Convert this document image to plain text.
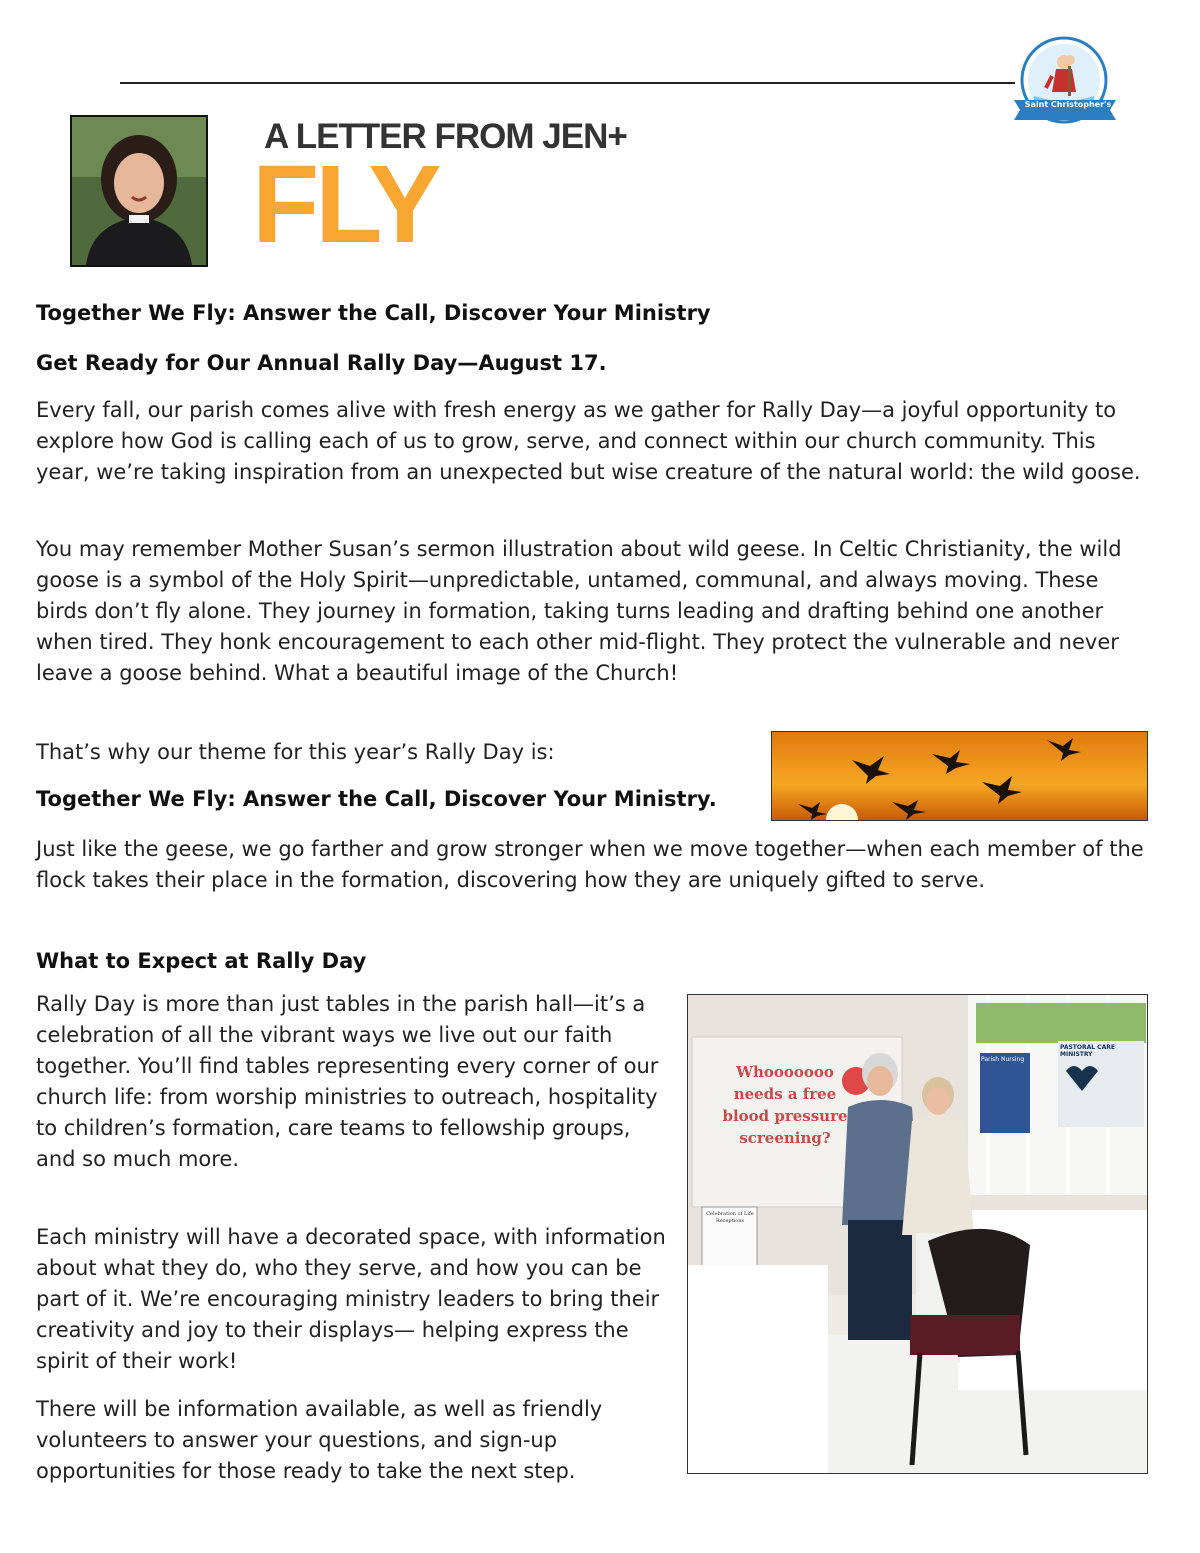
Saint Christopher's
A LETTER FROM JEN+
FLY
Together We Fly: Answer the Call, Discover Your Ministry
Get Ready for Our Annual Rally Day—August 17.

Every fall, our parish comes alive with fresh energy as we gather for Rally Day—a joyful opportunity to explore how God is calling each of us to grow, serve, and connect within our church community. This year, we’re taking inspiration from an unexpected but wise creature of the natural world: the wild goose.

You may remember Mother Susan’s sermon illustration about wild geese. In Celtic Christianity, the wild goose is a symbol of the Holy Spirit—unpredictable, untamed, communal, and always moving. These birds don’t fly alone. They journey in formation, taking turns leading and drafting behind one another when tired. They honk encouragement to each other mid-flight. They protect the vulnerable and never leave a goose behind. What a beautiful image of the Church!

That’s why our theme for this year’s Rally Day is:

Together We Fly: Answer the Call, Discover Your Ministry.

Just like the geese, we go farther and grow stronger when we move together—when each member of the flock takes their place in the formation, discovering how they are uniquely gifted to serve.

What to Expect at Rally Day

Rally Day is more than just tables in the parish hall—it’s a celebration of all the vibrant ways we live out our faith together. You’ll find tables representing every corner of our church life: from worship ministries to outreach, hospitality to children’s formation, care teams to fellowship groups, and so much more.

Each ministry will have a decorated space, with information about what they do, who they serve, and how you can be part of it. We’re encouraging ministry leaders to bring their creativity and joy to their displays— helping express the spirit of their work!

There will be information available, as well as friendly volunteers to answer your questions, and sign-up opportunities for those ready to take the next step.

Whooooooo needs a free blood pressure screening?
PASTORAL CARE MINISTRY
Parish Nursing
Celebration of Life Receptions
